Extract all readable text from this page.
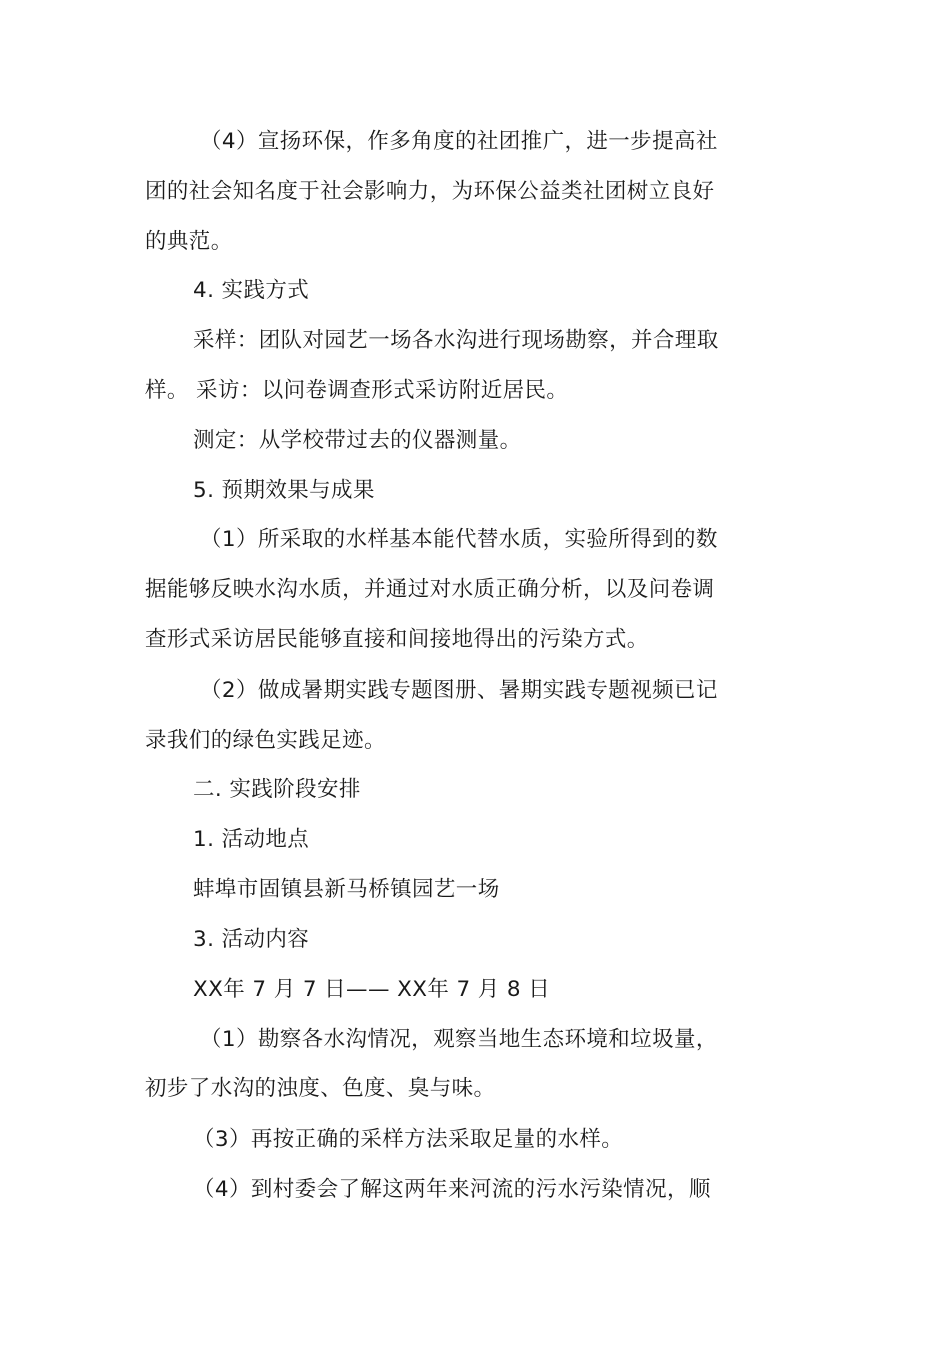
（4）宣扬环保，作多角度的社团推广，进一步提高社
团的社会知名度于社会影响力，为环保公益类社团树立良好
的典范。
4. 实践方式
采样：团队对园艺一场各水沟进行现场勘察，并合理取
样。 采访：以问卷调查形式采访附近居民。
测定：从学校带过去的仪器测量。
5. 预期效果与成果
（1）所采取的水样基本能代替水质，实验所得到的数
据能够反映水沟水质，并通过对水质正确分析，以及问卷调
查形式采访居民能够直接和间接地得出的污染方式。
（2）做成暑期实践专题图册、暑期实践专题视频已记
录我们的绿色实践足迹。
二. 实践阶段安排
1. 活动地点
蚌埠市固镇县新马桥镇园艺一场
3. 活动内容
XX年 7 月 7 日—— XX年 7 月 8 日
（1）勘察各水沟情况，观察当地生态环境和垃圾量，
初步了水沟的浊度、色度、臭与味。
（3）再按正确的采样方法采取足量的水样。
（4）到村委会了解这两年来河流的污水污染情况，顺
